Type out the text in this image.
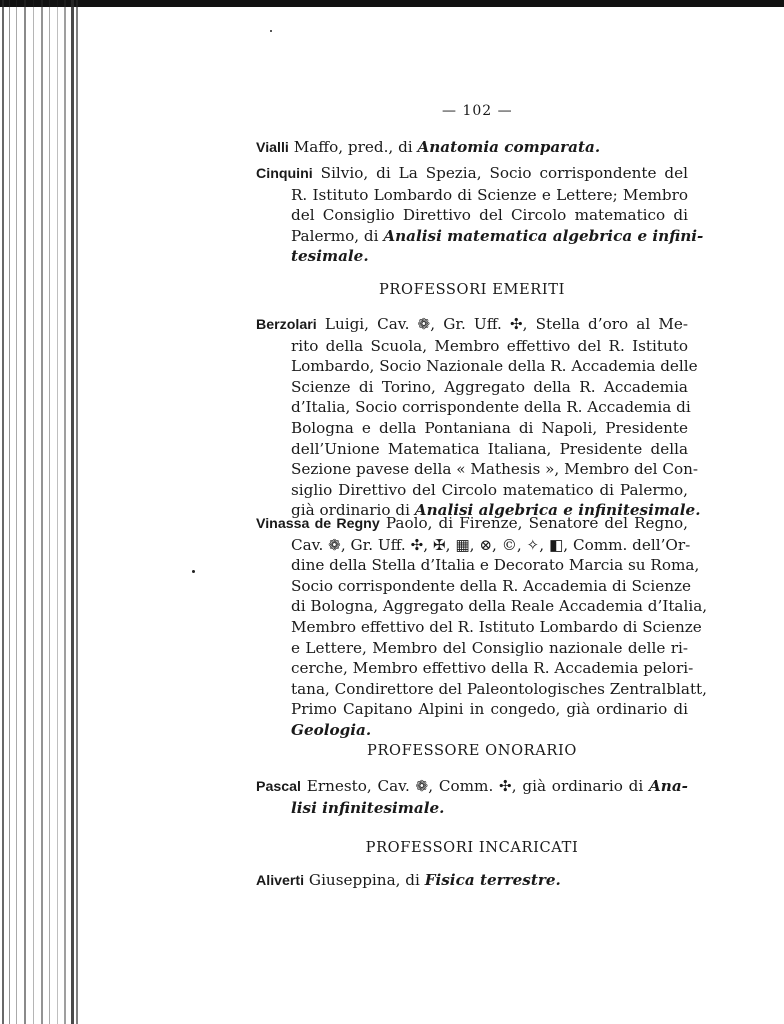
— 102 —
Vialli Maffo, pred., di Anatomia comparata.
Cinquini Silvio, di La Spezia, Socio corrispondente del
R. Istituto Lombardo di Scienze e Lettere; Membro
del Consiglio Direttivo del Circolo matematico di
Palermo, di Analisi matematica algebrica e infini-
tesimale.
PROFESSORI EMERITI
Berzolari Luigi, Cav. ❁, Gr. Uff. ✣, Stella d’oro al Me-
rito della Scuola, Membro effettivo del R. Istituto
Lombardo, Socio Nazionale della R. Accademia delle
Scienze di Torino, Aggregato della R. Accademia
d’Italia, Socio corrispondente della R. Accademia di
Bologna e della Pontaniana di Napoli, Presidente
dell’Unione Matematica Italiana, Presidente della
Sezione pavese della « Mathesis », Membro del Con-
siglio Direttivo del Circolo matematico di Palermo,
già ordinario di Analisi algebrica e infinitesimale.
Vinassa de Regny Paolo, di Firenze, Senatore del Regno,
Cav. ❁, Gr. Uff. ✣, ✠, ▦, ⊗, ©, ✧, ◧, Comm. dell’Or-
dine della Stella d’Italia e Decorato Marcia su Roma,
Socio corrispondente della R. Accademia di Scienze
di Bologna, Aggregato della Reale Accademia d’Italia,
Membro effettivo del R. Istituto Lombardo di Scienze
e Lettere, Membro del Consiglio nazionale delle ri-
cerche, Membro effettivo della R. Accademia pelori-
tana, Condirettore del Paleontologisches Zentralblatt,
Primo Capitano Alpini in congedo, già ordinario di
Geologia.
PROFESSORE ONORARIO
Pascal Ernesto, Cav. ❁, Comm. ✣, già ordinario di Ana-
lisi infinitesimale.
PROFESSORI INCARICATI
Aliverti Giuseppina, di Fisica terrestre.
